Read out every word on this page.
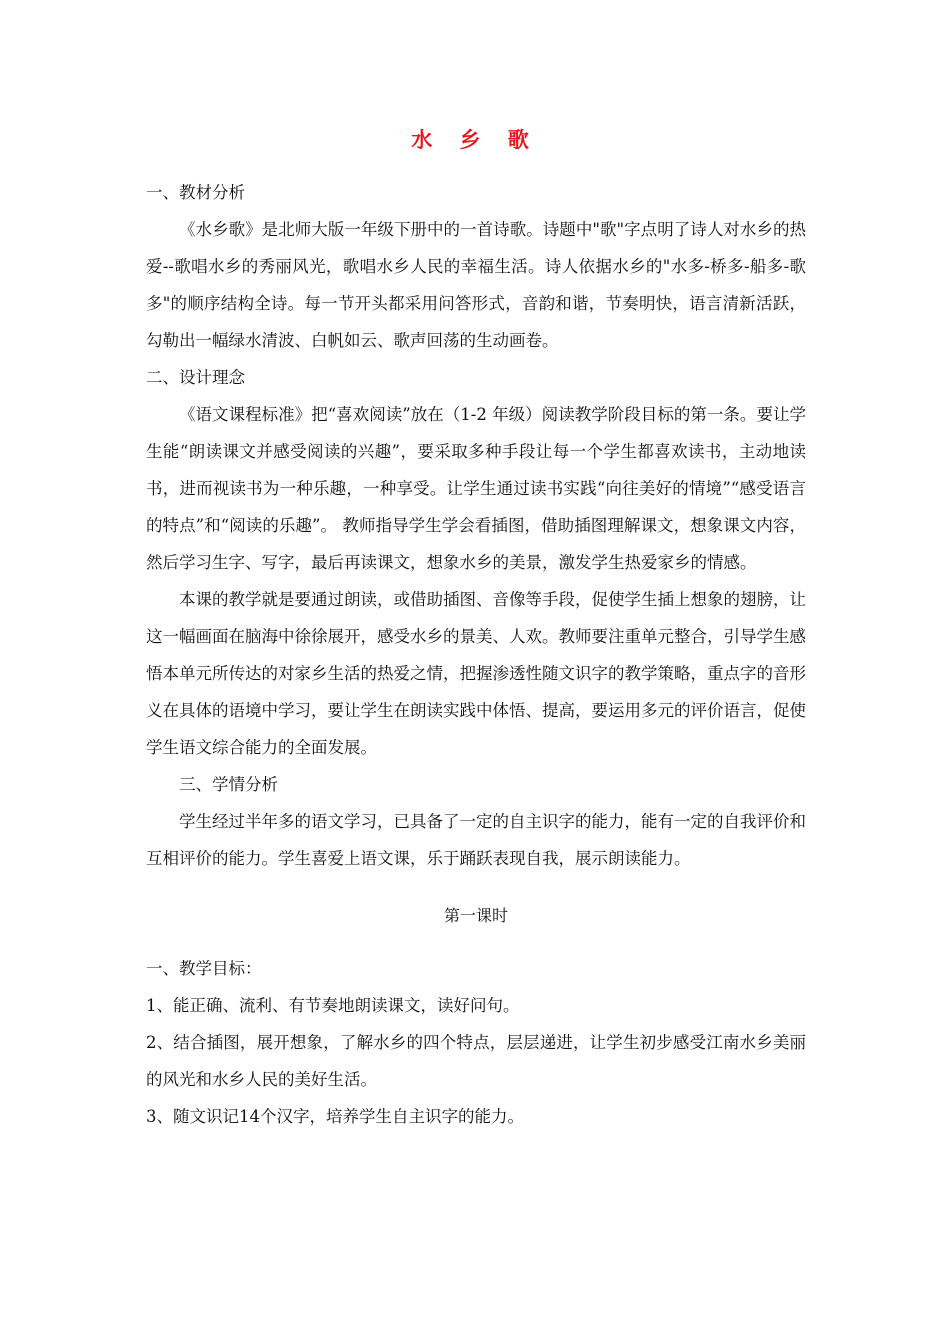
水 乡 歌

一、教材分析

《水乡歌》是北师大版一年级下册中的一首诗歌。诗题中"歌"字点明了诗人对水乡的热爱--歌唱水乡的秀丽风光，歌唱水乡人民的幸福生活。诗人依据水乡的"水多-桥多-船多-歌多"的顺序结构全诗。每一节开头都采用问答形式，音韵和谐，节奏明快，语言清新活跃，勾勒出一幅绿水清波、白帆如云、歌声回荡的生动画卷。

二、设计理念

《语文课程标准》把“喜欢阅读”放在（1-2 年级）阅读教学阶段目标的第一条。要让学生能“朗读课文并感受阅读的兴趣”，要采取多种手段让每一个学生都喜欢读书，主动地读书，进而视读书为一种乐趣，一种享受。让学生通过读书实践“向往美好的情境”“感受语言的特点”和“阅读的乐趣”。 教师指导学生学会看插图，借助插图理解课文，想象课文内容，然后学习生字、写字，最后再读课文，想象水乡的美景，激发学生热爱家乡的情感。

本课的教学就是要通过朗读，或借助插图、音像等手段，促使学生插上想象的翅膀，让这一幅画面在脑海中徐徐展开，感受水乡的景美、人欢。教师要注重单元整合，引导学生感悟本单元所传达的对家乡生活的热爱之情，把握渗透性随文识字的教学策略，重点字的音形义在具体的语境中学习，要让学生在朗读实践中体悟、提高，要运用多元的评价语言，促使学生语文综合能力的全面发展。

三、学情分析

学生经过半年多的语文学习，已具备了一定的自主识字的能力，能有一定的自我评价和互相评价的能力。学生喜爱上语文课，乐于踊跃表现自我，展示朗读能力。

第一课时

一、教学目标：

1、能正确、流利、有节奏地朗读课文，读好问句。

2、结合插图，展开想象，了解水乡的四个特点，层层递进，让学生初步感受江南水乡美丽的风光和水乡人民的美好生活。

3、随文识记14个汉字，培养学生自主识字的能力。
